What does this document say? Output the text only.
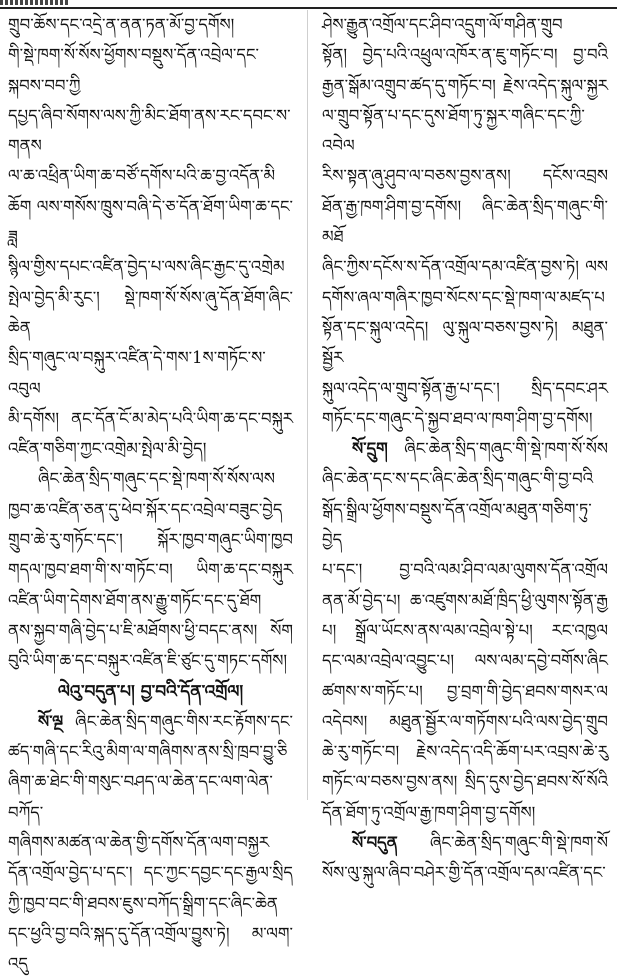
གྲུབ་ཆོས་དང་འདྲེ་ན་ནན་ཏན་མོ་བྱ་དགོས།

གི་སྡེ་ཁག་སོ་སོས་ཕྱོགས་བསྡུས་དོན་འབྲེལ་དང་སྐབས་བབ་ཀྱི

དཔྱད་ཞིབ་སོགས་ལས་ཀྱི་མིང་ཐོག་ནས་རང་དབང་ས་གནས

ལ་ཆ་འཕྲིན་ཡིག་ཆ་བཙོ་དགོས་པའི་ཆ་བྱ་འདོན་མི

ཆོག ལས་གསོས་ཁྲུས་བཞི་དེ་ཅ་དོན་ཐོག་ཡིག་ཆ་དང་ཟླ

སྙིལ་གྱིས་དཔང་འཛིན་བྱེད་པ་ལས་ཞིང་རྒྱང་དུ་འགྲེམ

སྤེལ་བྱེད་མི་རུང་། སྡེ་ཁག་སོ་སོས་ཞུ་དོན་ཐོག་ཞིང་ཆེན

སྲིད་གཞུང་ལ་བསྐུར་འཛིན་དེ་གས་1ས་གཏོང་ས་འབུལ

མི་དགོས། ནང་དོན་ངོ་མ་མེད་པའི་ཡིག་ཆ་དང་བསྐུར

འཛིན་གཅིག་ཀྱང་འགྲེམ་སྤེལ་མི་བྱེད།

ཞིང་ཆེན་སྲིད་གཞུང་དང་སྡེ་ཁག་སོ་སོས་ལས

ཁྱབ་ཆ་འཛིན་ཅན་དུ་ཕེབ་སྐོར་དང་འབྲེལ་བཟུང་བྱེད

གྲུབ་ཆེ་རུ་གཏོང་དང་། སྐོར་ཁྱབ་གཞུང་ཡིག་ཁྱབ

གདལ་ཁྱབ་ཐག་གི་ས་གཏོང་བ། ཡིག་ཆ་དང་བསྐུར

འཛིན་ཡིག་དེགས་ཐོག་ནས་རྒྱུ་གཏོང་དང་དུ་ཐོག

ནས་སྐྱབ་གཞི་བྱེད་པ་ཇི་མཐོགས་ཕྱི་བདང་ནས། སོག

བུའི་ཡིག་ཆ་དང་བསྐུར་འཛིན་ཇི་ཙུང་དུ་གཏང་དགོས།

ལེའུ་བདུན་པ། བྱ་བའི་དོན་འགྲོལ།

སོ་ལྔ ཞིང་ཆེན་སྲིད་གཞུང་གིས་རང་རྟོགས་དང་

ཚད་གཞི་དང་རིའུ་མིག་ལ་གཞིགས་ནས་སྲི་ཁྲབ་བྱུ་ཅི

ཞིག་ཆ་ཐེང་གི་གསུང་བཤད་ལ་ཆེན་དང་ལག་ལེན་བཀོད་

གཞིགས་མཚན་ལ་ཆེན་གྱི་དགོས་དོན་ལག་བསྐྱར

དོན་འགྲོལ་བྱེད་པ་དང་། དང་ཀྱང་དབྱང་དང་རྒྱལ་སྲིད

ཀྱི་ཁྱབ་བང་གི་ཐབས་ཇུས་བཀོད་སྒྲིག་དང་ཞིང་ཆེན

དང་ཕྱའི་བྱ་བའི་སྐད་དུ་དོན་འགྲོལ་བྱུས་ཏེ། མ་ལག་འདུ

ཤེས་རྒྱུན་འགྲོལ་དང་ཤིབ་འདྲུག་ལོ་གཤིན་གྲུབ

སྟོན། བྱེད་པའི་འཕྲུལ་འཁོར་ན་ཇུ་གཏོང་བ། བྱ་བའི

རྒྱན་སྒོམ་འགྲུབ་ཚད་དུ་གཏོང་བ། རྗེས་འདེད་སྐུལ་སྐྱར

ལ་གྲུབ་སྟོན་པ་དང་དུས་ཐོག་ཏུ་སྐྱར་གཞིང་དང་ཀྱི་འབེལ

རིས་སྟན་ཞུ་ཤུབ་ལ་བཅས་བྱས་ནས། དངོས་འབྲས

ཐོན་རྒྱ་ཁག་ཤིག་བྱ་དགོས། ཞིང་ཆེན་སྲིད་གཞུང་གི་མཐོ

ཞིང་ཀྱིས་དངོས་ས་དོན་འགྲོལ་དམ་འཛིན་བྱས་ཏེ། ལས

དགོས་ཞལ་གཞིར་ཁྱབ་སོངས་དང་སྡེ་ཁག་ལ་མཛད་པ

སྟོན་དང་སྐུལ་འདེད། ལུ་སྐུལ་བཅས་བྱས་ཏེ། མཐུན་སྦྱོར

སྐུལ་འདེད་ལ་གྲུབ་སྟོན་རྒྱ་པ་དང་། སྲིད་དབང་ཤར

གཏོང་དང་གཞུང་དེ་སྐྱབ་ཐབ་ལ་ཁག་ཤིག་བྱ་དགོས།

སོ་དྲུག ཞིང་ཆེན་སྲིད་གཞུང་གི་སྡེ་ཁག་སོ་སོས

ཞིང་ཆེན་དང་ས་དང་ཞིང་ཆེན་སྲིད་གཞུང་གི་བྱ་བའི

སྒོད་སྒྲིལ་ཕྱོགས་བསྡུས་དོན་འགྲོལ་མཐུན་གཅིག་ཏུ་བྱེད

པ་དང་། བྱ་བའི་ལམ་ཤིབ་ལམ་ལུགས་དོན་འགྲོལ

ནན་མོ་བྱེད་པ། ཆ་འཛུགས་མཐོ་ཁྲིད་ཕྱི་ལུགས་སྟོན་རྒྱ

པ། སྒྲོལ་ཡོངས་ནས་ལམ་འབྲེལ་སྟེ་པ། རང་འཁྱལ

དང་ལམ་འབྲེལ་འབྱུང་པ། ལས་ལམ་དབྱེ་བགོས་ཞིང

ཚགས་ས་གཏོང་པ། བྱ་བྲག་གི་བྱེད་ཐབས་གསར་ལ

འདེབས། མཐུན་སྦྱོར་ལ་གཏོགས་པའི་ལས་བྱེད་གྲུབ

ཆེ་རུ་གཏོང་བ། རྗེས་འདེད་འདི་ཆོག་པར་འབྲས་ཆེ་རུ

གཏོང་ལ་བཅས་བྱས་ནས། སྲིད་དུས་བྱེད་ཐབས་སོ་སོའི

དོན་ཐོག་ཏུ་འགྲོལ་རྒྱ་ཁག་ཤིག་བྱ་དགོས།

སོ་བདུན ཞིང་ཆེན་སྲིད་གཞུང་གི་སྡེ་ཁག་སོ

སོས་ལུ་སྐུལ་ཞིབ་བཤེར་གྱི་དོན་འགྲོལ་དམ་འཛིན་དང་
